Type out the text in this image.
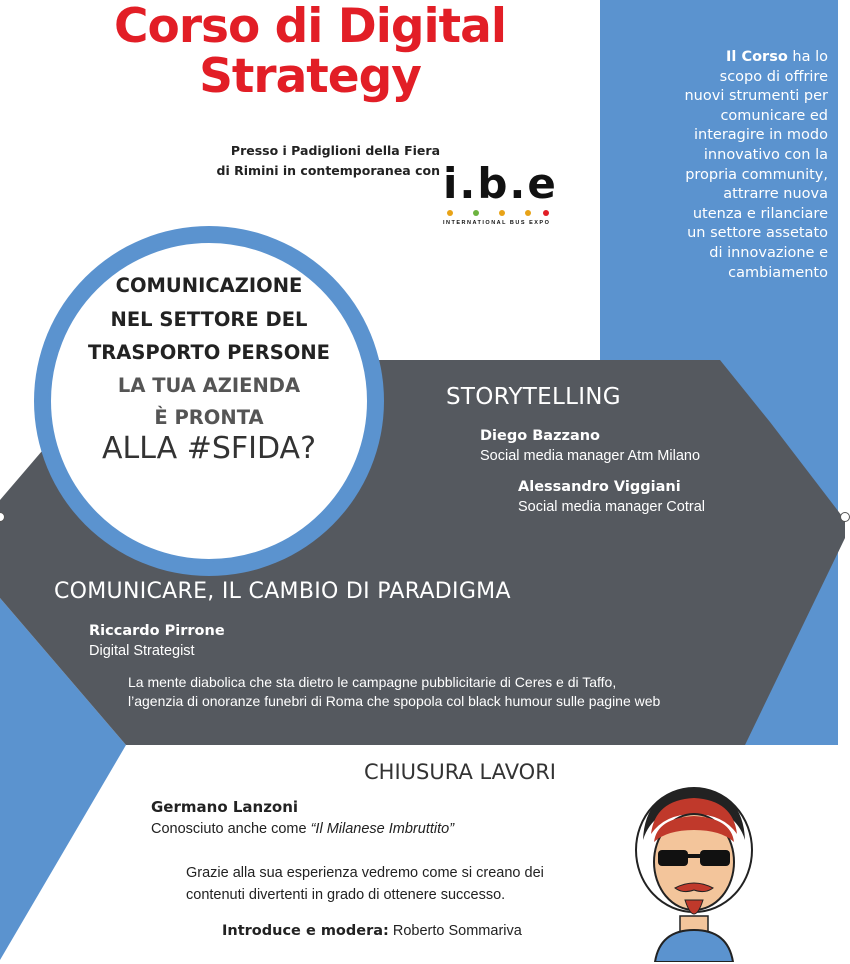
Corso di Digital
Strategy
Presso i Padiglioni della Fiera
di Rimini in contemporanea con i.b.e
INTERNATIONAL BUS EXPO
Il Corso ha lo
scopo di offrire
nuovi strumenti per
comunicare ed
interagire in modo
innovativo con la
propria community,
attrarre nuova
utenza e rilanciare
un settore assetato
di innovazione e
cambiamento
STORYTELLING
Diego Bazzano
Social media manager Atm Milano
Alessandro Viggiani
Social media manager Cotral
COMUNICAZIONE
NEL SETTORE DEL
TRASPORTO PERSONE
LA TUA AZIENDA
È PRONTA
ALLA #SFIDA?
COMUNICARE, IL CAMBIO DI PARADIGMA
Riccardo Pirrone
Digital Strategist
La mente diabolica che sta dietro le campagne pubblicitarie di Ceres e di Taffo,
l’agenzia di onoranze funebri di Roma che spopola col black humour sulle pagine web
CHIUSURA LAVORI
Germano Lanzoni
Conosciuto anche come “Il Milanese Imbruttito”
Grazie alla sua esperienza vedremo come si creano dei
contenuti divertenti in grado di ottenere successo.
Introduce e modera: Roberto Sommariva
